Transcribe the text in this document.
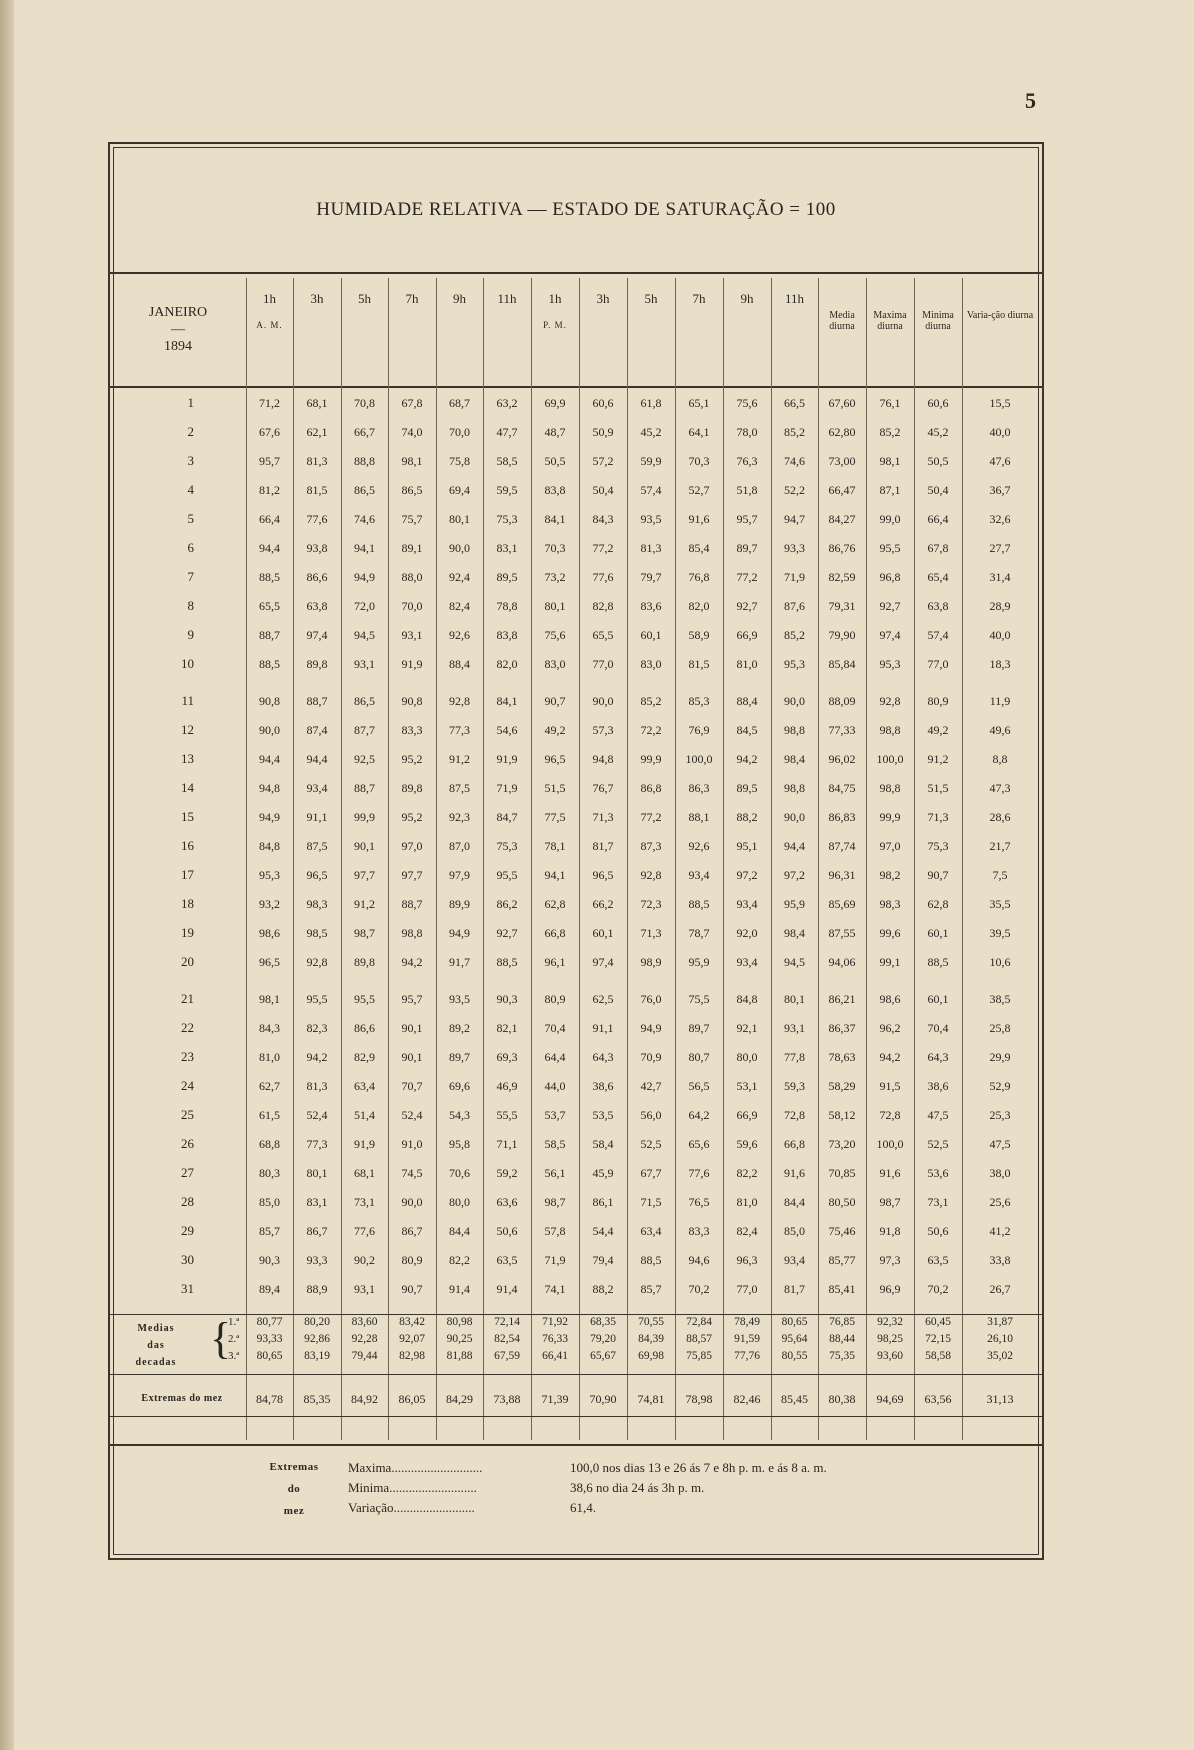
5
HUMIDADE RELATIVA — ESTADO DE SATURAÇÃO = 100
JANEIRO
—
1894
1h
A. M.
3h	5h	7h	9h	11h	1h
P. M.
3h	5h	7h	9h	11h
Media diurna
Maxima diurna
Minima diurna
Varia-ção diurna
1	71,2	68,1	70,8	67,8	68,7	63,2	69,9	60,6	61,8	65,1	75,6	66,5	67,60	76,1	60,6	15,5
2	67,6	62,1	66,7	74,0	70,0	47,7	48,7	50,9	45,2	64,1	78,0	85,2	62,80	85,2	45,2	40,0
3	95,7	81,3	88,8	98,1	75,8	58,5	50,5	57,2	59,9	70,3	76,3	74,6	73,00	98,1	50,5	47,6
4	81,2	81,5	86,5	86,5	69,4	59,5	83,8	50,4	57,4	52,7	51,8	52,2	66,47	87,1	50,4	36,7
5	66,4	77,6	74,6	75,7	80,1	75,3	84,1	84,3	93,5	91,6	95,7	94,7	84,27	99,0	66,4	32,6
6	94,4	93,8	94,1	89,1	90,0	83,1	70,3	77,2	81,3	85,4	89,7	93,3	86,76	95,5	67,8	27,7
7	88,5	86,6	94,9	88,0	92,4	89,5	73,2	77,6	79,7	76,8	77,2	71,9	82,59	96,8	65,4	31,4
8	65,5	63,8	72,0	70,0	82,4	78,8	80,1	82,8	83,6	82,0	92,7	87,6	79,31	92,7	63,8	28,9
9	88,7	97,4	94,5	93,1	92,6	83,8	75,6	65,5	60,1	58,9	66,9	85,2	79,90	97,4	57,4	40,0
10	88,5	89,8	93,1	91,9	88,4	82,0	83,0	77,0	83,0	81,5	81,0	95,3	85,84	95,3	77,0	18,3
11	90,8	88,7	86,5	90,8	92,8	84,1	90,7	90,0	85,2	85,3	88,4	90,0	88,09	92,8	80,9	11,9
12	90,0	87,4	87,7	83,3	77,3	54,6	49,2	57,3	72,2	76,9	84,5	98,8	77,33	98,8	49,2	49,6
13	94,4	94,4	92,5	95,2	91,2	91,9	96,5	94,8	99,9	100,0	94,2	98,4	96,02	100,0	91,2	8,8
14	94,8	93,4	88,7	89,8	87,5	71,9	51,5	76,7	86,8	86,3	89,5	98,8	84,75	98,8	51,5	47,3
15	94,9	91,1	99,9	95,2	92,3	84,7	77,5	71,3	77,2	88,1	88,2	90,0	86,83	99,9	71,3	28,6
16	84,8	87,5	90,1	97,0	87,0	75,3	78,1	81,7	87,3	92,6	95,1	94,4	87,74	97,0	75,3	21,7
17	95,3	96,5	97,7	97,7	97,9	95,5	94,1	96,5	92,8	93,4	97,2	97,2	96,31	98,2	90,7	7,5
18	93,2	98,3	91,2	88,7	89,9	86,2	62,8	66,2	72,3	88,5	93,4	95,9	85,69	98,3	62,8	35,5
19	98,6	98,5	98,7	98,8	94,9	92,7	66,8	60,1	71,3	78,7	92,0	98,4	87,55	99,6	60,1	39,5
20	96,5	92,8	89,8	94,2	91,7	88,5	96,1	97,4	98,9	95,9	93,4	94,5	94,06	99,1	88,5	10,6
21	98,1	95,5	95,5	95,7	93,5	90,3	80,9	62,5	76,0	75,5	84,8	80,1	86,21	98,6	60,1	38,5
22	84,3	82,3	86,6	90,1	89,2	82,1	70,4	91,1	94,9	89,7	92,1	93,1	86,37	96,2	70,4	25,8
23	81,0	94,2	82,9	90,1	89,7	69,3	64,4	64,3	70,9	80,7	80,0	77,8	78,63	94,2	64,3	29,9
24	62,7	81,3	63,4	70,7	69,6	46,9	44,0	38,6	42,7	56,5	53,1	59,3	58,29	91,5	38,6	52,9
25	61,5	52,4	51,4	52,4	54,3	55,5	53,7	53,5	56,0	64,2	66,9	72,8	58,12	72,8	47,5	25,3
26	68,8	77,3	91,9	91,0	95,8	71,1	58,5	58,4	52,5	65,6	59,6	66,8	73,20	100,0	52,5	47,5
27	80,3	80,1	68,1	74,5	70,6	59,2	56,1	45,9	67,7	77,6	82,2	91,6	70,85	91,6	53,6	38,0
28	85,0	83,1	73,1	90,0	80,0	63,6	98,7	86,1	71,5	76,5	81,0	84,4	80,50	98,7	73,1	25,6
29	85,7	86,7	77,6	86,7	84,4	50,6	57,8	54,4	63,4	83,3	82,4	85,0	75,46	91,8	50,6	41,2
30	90,3	93,3	90,2	80,9	82,2	63,5	71,9	79,4	88,5	94,6	96,3	93,4	85,77	97,3	63,5	33,8
31	89,4	88,9	93,1	90,7	91,4	91,4	74,1	88,2	85,7	70,2	77,0	81,7	85,41	96,9	70,2	26,7
Medias
das
decadas {
1.ª	80,77	80,20	83,60	83,42	80,98	72,14	71,92	68,35	70,55	72,84	78,49	80,65	76,85	92,32	60,45	31,87
2.ª	93,33	92,86	92,28	92,07	90,25	82,54	76,33	79,20	84,39	88,57	91,59	95,64	88,44	98,25	72,15	26,10
3.ª	80,65	83,19	79,44	82,98	81,88	67,59	66,41	65,67	69,98	75,85	77,76	80,55	75,35	93,60	58,58	35,02
Extremas do mez	84,78	85,35	84,92	86,05	84,29	73,88	71,39	70,90	74,81	78,98	82,46	85,45	80,38	94,69	63,56	31,13
Extremas
do
mez
Maxima............................	100,0 nos dias 13 e 26 ás 7 e 8h p. m. e ás 8 a. m.
Minima...........................	38,6 no dia 24 ás 3h p. m.
Variação.........................	61,4.
